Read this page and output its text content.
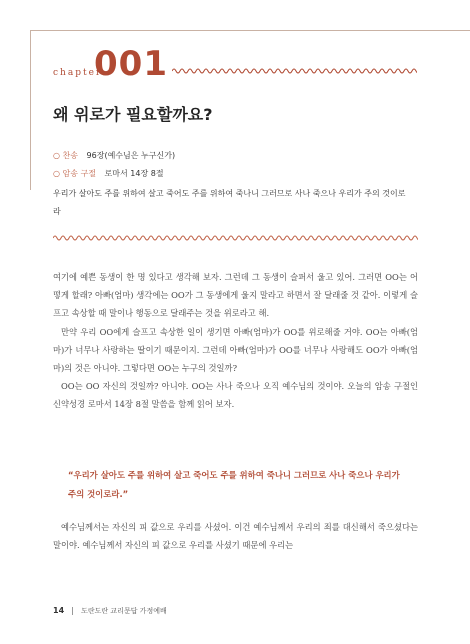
chapter
001
왜 위로가 필요할까요?
○ 찬송 96장(예수님은 누구신가)
○ 암송 구절 로마서 14장 8절
우리가 살아도 주를 위하여 살고 죽어도 주를 위하여 죽나니 그러므로 사나 죽으나 우리가 주의 것이로라

여기에 예쁜 동생이 한 명 있다고 생각해 보자. 그런데 그 동생이 슬퍼서 울고 있어. 그러면 OO는 어떻게 할래? 아빠(엄마) 생각에는 OO가 그 동생에게 울지 말라고 하면서 잘 달래줄 것 같아. 이렇게 슬프고 속상할 때 말이나 행동으로 달래주는 것을 위로라고 해.

만약 우리 OO에게 슬프고 속상한 일이 생기면 아빠(엄마)가 OO를 위로해줄 거야. OO는 아빠(엄마)가 너무나 사랑하는 딸이기 때문이지. 그런데 아빠(엄마)가 OO를 너무나 사랑해도 OO가 아빠(엄마)의 것은 아니야. 그렇다면 OO는 누구의 것일까?

OO는 OO 자신의 것일까? 아니야. OO는 사나 죽으나 오직 예수님의 것이야. 오늘의 암송 구절인 신약성경 로마서 14장 8절 말씀을 함께 읽어 보자.

“우리가 살아도 주를 위하여 살고 죽어도 주를 위하여 죽나니 그러므로 사나 죽으나 우리가 주의 것이로라.”

예수님께서는 자신의 피 값으로 우리를 사셨어. 이건 예수님께서 우리의 죄를 대신해서 죽으셨다는 말이야. 예수님께서 자신의 피 값으로 우리를 사셨기 때문에 우리는

14 도란도란 교리문답 가정예배
